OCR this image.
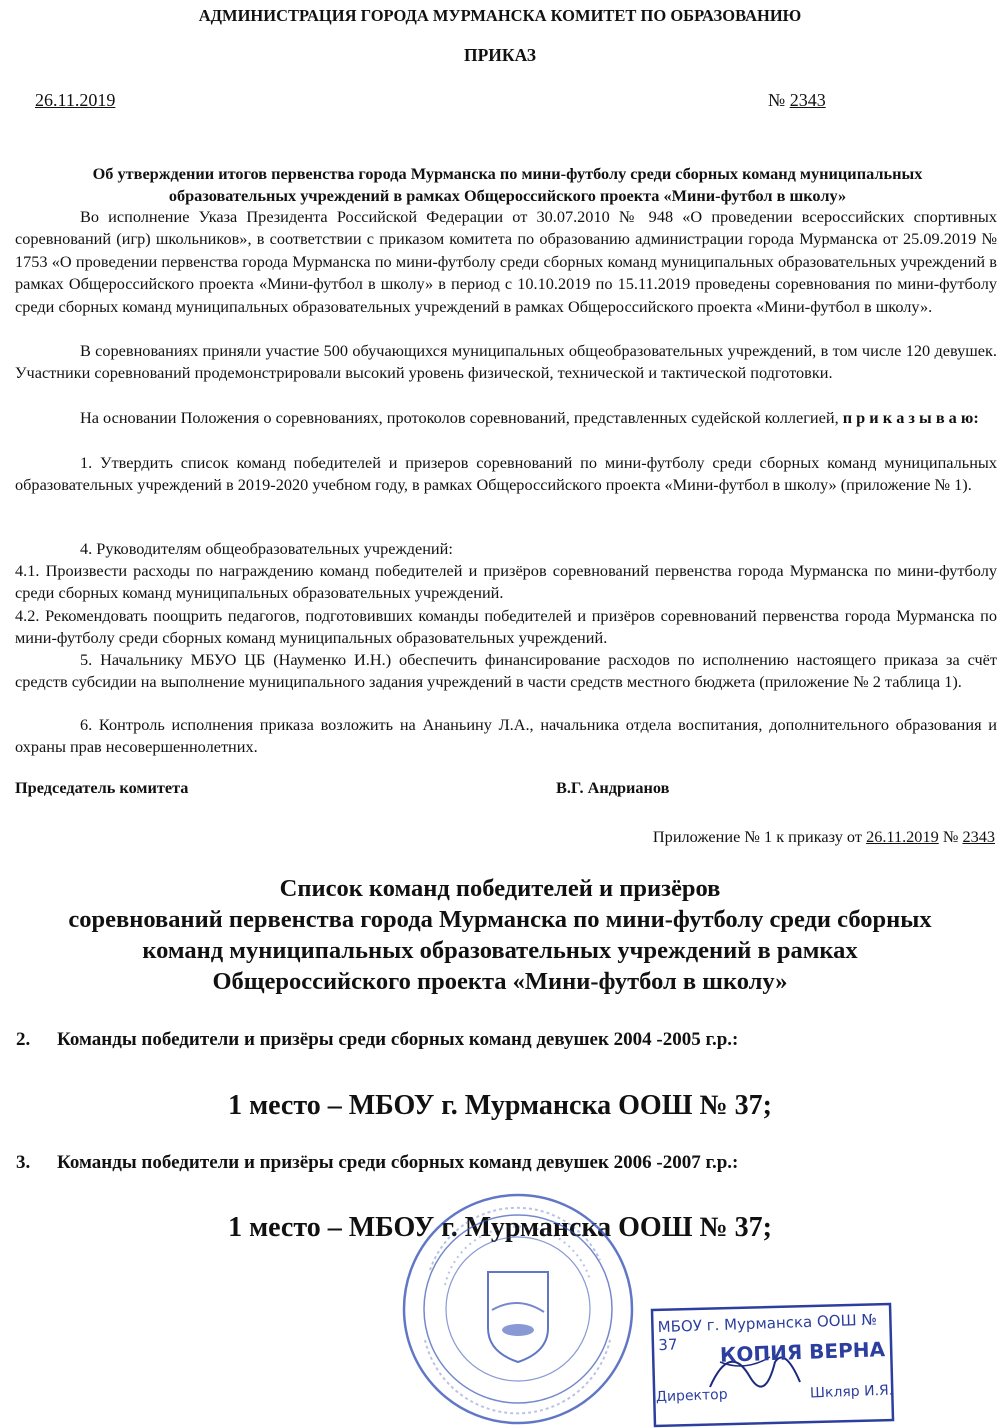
АДМИНИСТРАЦИЯ ГОРОДА МУРМАНСКА КОМИТЕТ ПО ОБРАЗОВАНИЮ
ПРИКАЗ
26.11.2019	№ 2343
Об утверждении итогов первенства города Мурманска по мини-футболу среди сборных команд муниципальных
образовательных учреждений в рамках Общероссийского проекта «Мини-футбол в школу»
Во исполнение Указа Президента Российской Федерации от 30.07.2010 № 948 «О проведении всероссийских спортивных соревнований (игр) школьников», в соответствии с приказом комитета по образованию администрации города Мурманска от 25.09.2019 № 1753 «О проведении первенства города Мурманска по мини-футболу среди сборных команд муниципальных образовательных учреждений в рамках Общероссийского проекта «Мини-футбол в школу» в период с 10.10.2019 по 15.11.2019 проведены соревнования по мини-футболу среди сборных команд муниципальных образовательных учреждений в рамках Общероссийского проекта «Мини-футбол в школу».
В соревнованиях приняли участие 500 обучающихся муниципальных общеобразовательных учреждений, в том числе 120 девушек. Участники соревнований продемонстрировали высокий уровень физической, технической и тактической подготовки.
На основании Положения о соревнованиях, протоколов соревнований, представленных судейской коллегией, п р и к а з ы в а ю:
1. Утвердить список команд победителей и призеров соревнований по мини-футболу среди сборных команд муниципальных образовательных учреждений в 2019-2020 учебном году, в рамках Общероссийского проекта «Мини-футбол в школу» (приложение № 1).
4. Руководителям общеобразовательных учреждений:
4.1. Произвести расходы по награждению команд победителей и призёров соревнований первенства города Мурманска по мини-футболу среди сборных команд муниципальных образовательных учреждений.
4.2. Рекомендовать поощрить педагогов, подготовивших команды победителей и призёров соревнований первенства города Мурманска по мини-футболу среди сборных команд муниципальных образовательных учреждений.
5. Начальнику МБУО ЦБ (Науменко И.Н.) обеспечить финансирование расходов по исполнению настоящего приказа за счёт средств субсидии на выполнение муниципального задания учреждений в части средств местного бюджета (приложение № 2 таблица 1).
6. Контроль исполнения приказа возложить на Ананьину Л.А., начальника отдела воспитания, дополнительного образования и охраны прав несовершеннолетних.
Председатель комитета	В.Г. Андрианов
Приложение № 1 к приказу от 26.11.2019 № 2343
Список команд победителей и призёров
соревнований первенства города Мурманска по мини-футболу среди сборных
команд муниципальных образовательных учреждений в рамках
Общероссийского проекта «Мини-футбол в школу»
2. Команды победители и призёры среди сборных команд девушек 2004 -2005 г.р.:
1 место – МБОУ г. Мурманска ООШ № 37;
3. Команды победители и призёры среди сборных команд девушек 2006 -2007 г.р.:
1 место – МБОУ г. Мурманска ООШ № 37;
МБОУ г. Мурманска ООШ № 37	КОПИЯ ВЕРНА
Директор	Шкляр И.Я.
